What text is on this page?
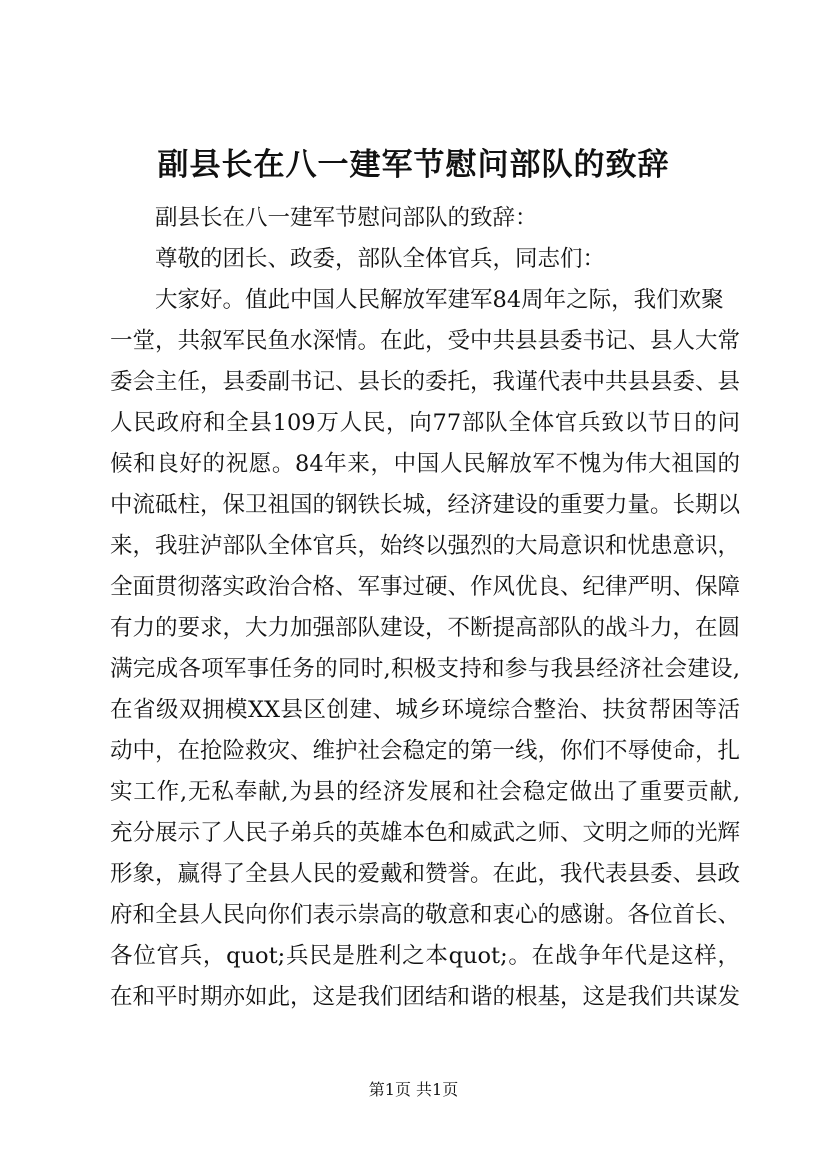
副县长在八一建军节慰问部队的致辞
副县长在八一建军节慰问部队的致辞：
尊敬的团长、政委，部队全体官兵，同志们：
大家好。值此中国人民解放军建军84周年之际，我们欢聚
一堂，共叙军民鱼水深情。在此，受中共县县委书记、县人大常
委会主任，县委副书记、县长的委托，我谨代表中共县县委、县
人民政府和全县109万人民，向77部队全体官兵致以节日的问
候和良好的祝愿。84年来，中国人民解放军不愧为伟大祖国的
中流砥柱，保卫祖国的钢铁长城，经济建设的重要力量。长期以
来，我驻泸部队全体官兵，始终以强烈的大局意识和忧患意识，
全面贯彻落实政治合格、军事过硬、作风优良、纪律严明、保障
有力的要求，大力加强部队建设，不断提高部队的战斗力，在圆
满完成各项军事任务的同时,积极支持和参与我县经济社会建设,
在省级双拥模XX县区创建、城乡环境综合整治、扶贫帮困等活
动中，在抢险救灾、维护社会稳定的第一线，你们不辱使命，扎
实工作,无私奉献,为县的经济发展和社会稳定做出了重要贡献,
充分展示了人民子弟兵的英雄本色和威武之师、文明之师的光辉
形象，赢得了全县人民的爱戴和赞誉。在此，我代表县委、县政
府和全县人民向你们表示崇高的敬意和衷心的感谢。各位首长、
各位官兵，quot;兵民是胜利之本quot;。在战争年代是这样，
在和平时期亦如此，这是我们团结和谐的根基，这是我们共谋发
第1页 共1页
